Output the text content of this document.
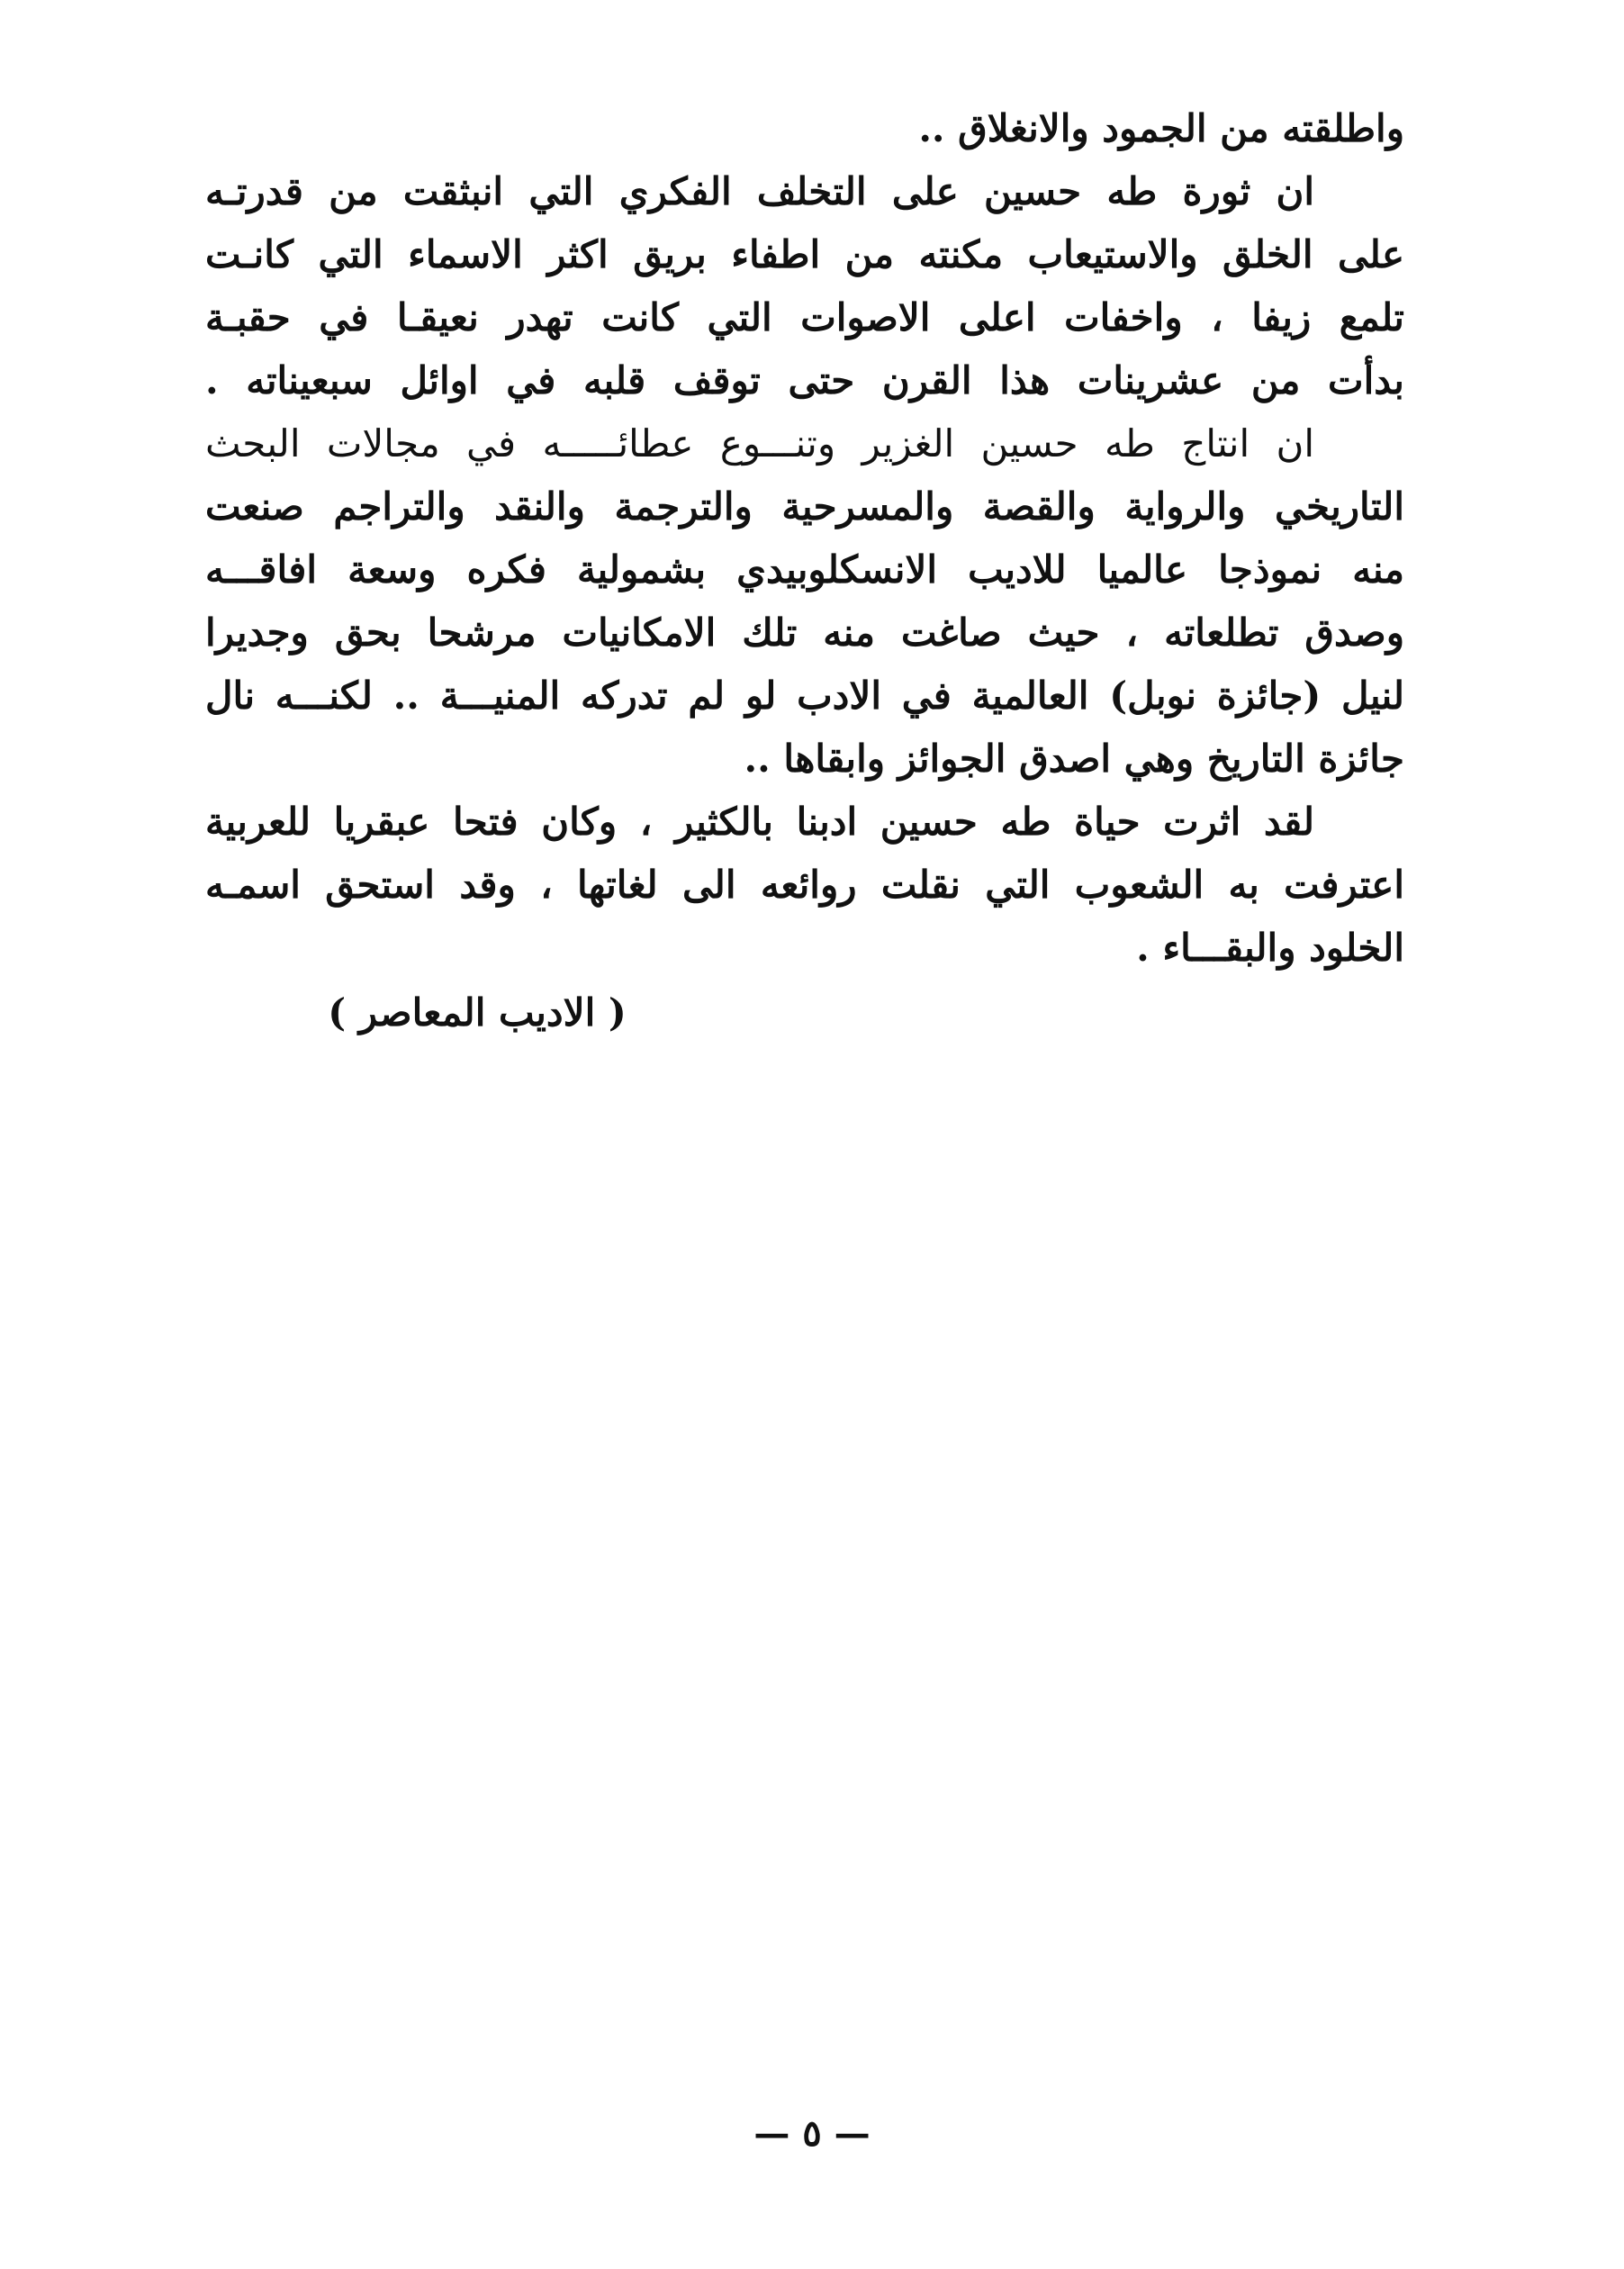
واطلقته من الجمود والانغلاق ..
ان ثورة طه حسين على التخلف الفكري التي انبثقت من قدرتـه
على الخلق والاستيعاب مكنته من اطفاء بريق اكثر الاسماء التي كانـت
تلمع زيفا ، واخفات اعلى الاصوات التي كانت تهدر نعيقـا في حقبـة
بدأت من عشرينات هذا القرن حتى توقف قلبه في اوائل سبعيناته .
ان انتاج طه حسين الغزير وتنـــوع عطائـــــه في مجالات البحث
التاريخي والرواية والقصة والمسرحية والترجمة والنقد والتراجم صنعت
منه نموذجا عالميا للاديب الانسكلوبيدي بشمولية فكره وسعة افاقـــه
وصدق تطلعاته ، حيث صاغت منه تلك الامكانيات مرشحا بحق وجديرا
لنيل (جائزة نوبل) العالمية في الادب لو لم تدركه المنيـــة .. لكنـــه نال
جائزة التاريخ وهي اصدق الجوائز وابقاها ..
لقد اثرت حياة طه حسين ادبنا بالكثير ، وكان فتحا عبقريا للعربية
اعترفت به الشعوب التي نقلت روائعه الى لغاتها ، وقد استحق اسمـه
الخلود والبقـــاء .
( الاديب المعاصر )
— ٥ —
